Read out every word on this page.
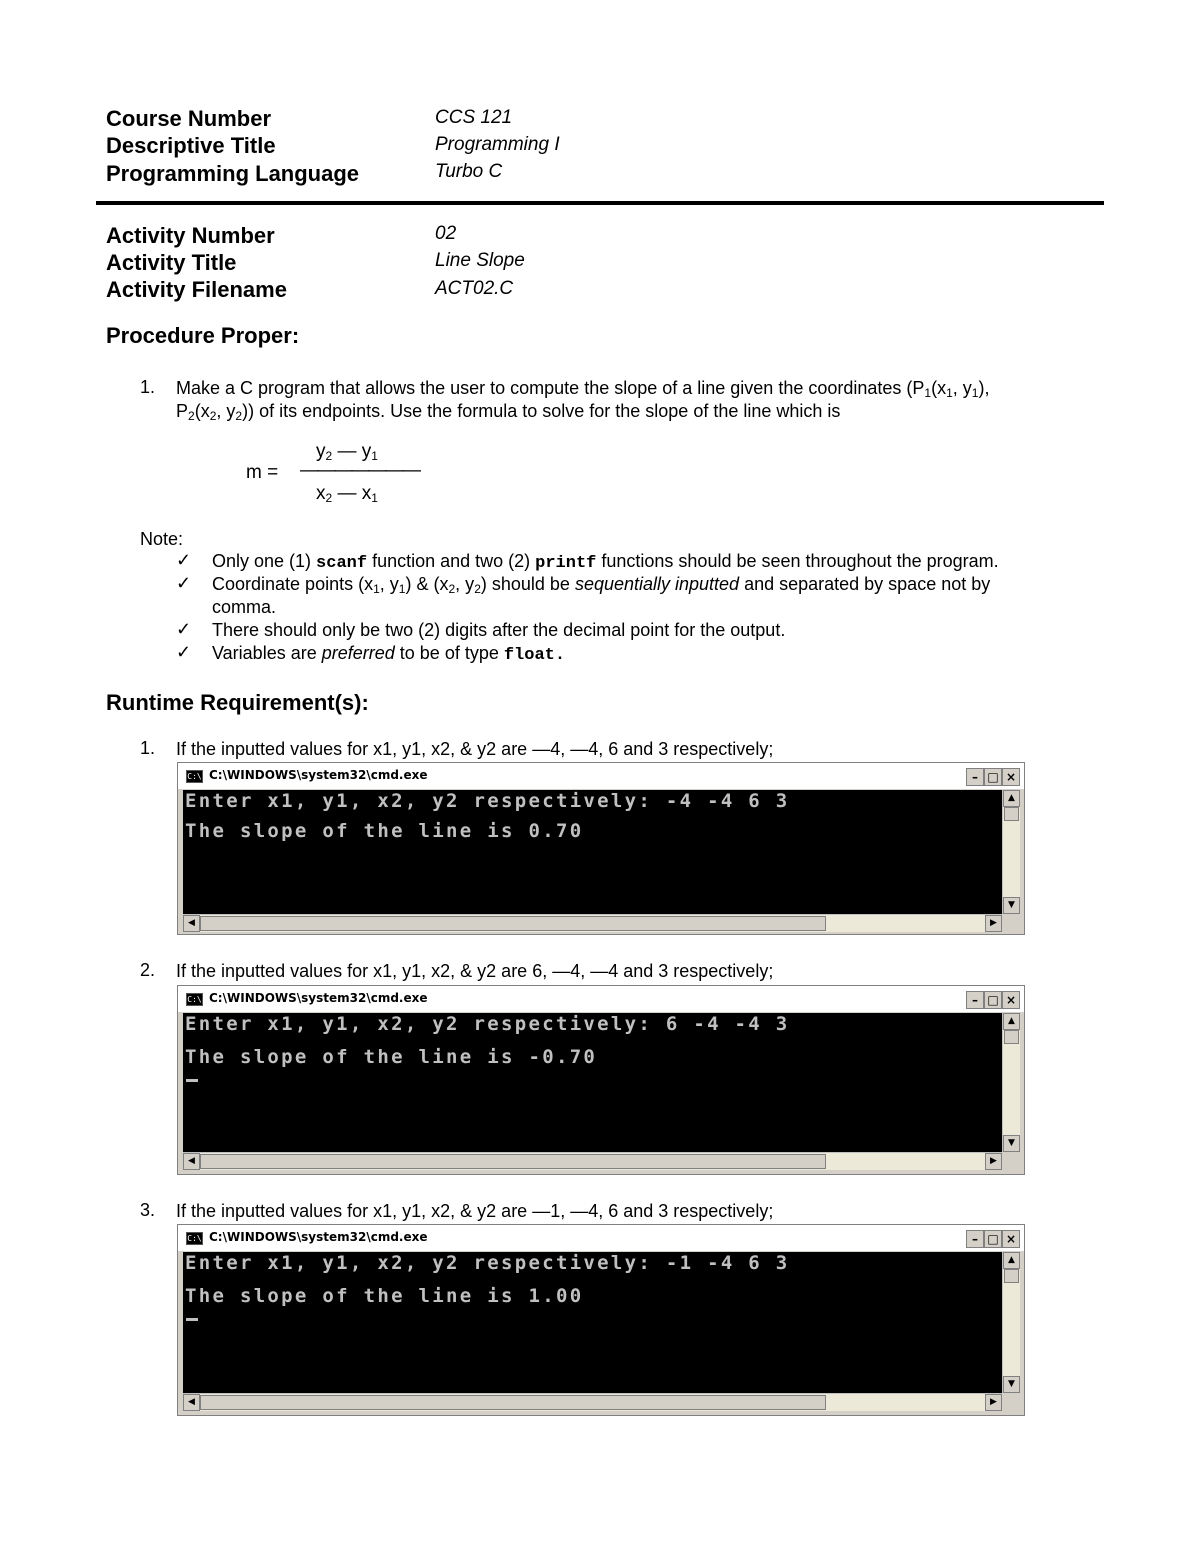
Course Number	CCS 121
Descriptive Title	Programming I
Programming Language	Turbo C
Activity Number	02
Activity Title	Line Slope
Activity Filename	ACT02.C
Procedure Proper:
1. Make a C program that allows the user to compute the slope of a line given the coordinates ($P_1(x_1$, $y_1$),
$P_2(x_2$, $y_2$)) of its endpoints. Use the formula to solve for the slope of the line which is
m =
$y_2$ — $y_1$
———————
$x_2$ — $x_1$
Note:
✓ Only one (1) scanf function and two (2) printf functions should be seen throughout the program.
✓ Coordinate points ($x_1$, $y_1$) & ($x_2$, $y_2$) should be sequentially inputted and separated by space not by
comma.
✓ There should only be two (2) digits after the decimal point for the output.
✓ Variables are preferred to be of type float.
Runtime Requirement(s):
1. If the inputted values for x1, y1, x2, & y2 are —4, —4, 6 and 3 respectively;
C:\ C:\WINDOWS\system32\cmd.exe	– □ ×
Enter x1, y1, x2, y2 respectively: -4 -4 6 3
The slope of the line is 0.70
▲
▼
◀	▶
2. If the inputted values for x1, y1, x2, & y2 are 6, —4, —4 and 3 respectively;
C:\ C:\WINDOWS\system32\cmd.exe	– □ ×
Enter x1, y1, x2, y2 respectively: 6 -4 -4 3
The slope of the line is -0.70
▲
▼
◀	▶
3. If the inputted values for x1, y1, x2, & y2 are —1, —4, 6 and 3 respectively;
C:\ C:\WINDOWS\system32\cmd.exe	– □ ×
Enter x1, y1, x2, y2 respectively: -1 -4 6 3
The slope of the line is 1.00
▲
▼
◀	▶
